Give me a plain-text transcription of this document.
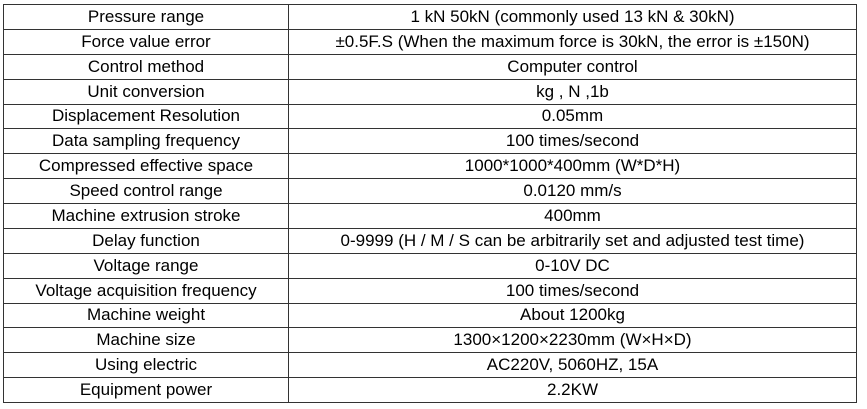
Pressure range	1 kN 50kN (commonly used 13 kN & 30kN)
Force value error	±0.5F.S (When the maximum force is 30kN, the error is ±150N)
Control method	Computer control
Unit conversion	kg , N ,1b
Displacement Resolution	0.05mm
Data sampling frequency	100 times/second
Compressed effective space	1000*1000*400mm (W*D*H)
Speed control range	0.0120 mm/s
Machine extrusion stroke	400mm
Delay function	0-9999 (H / M / S can be arbitrarily set and adjusted test time)
Voltage range	0-10V DC
Voltage acquisition frequency	100 times/second
Machine weight	About 1200kg
Machine size	1300×1200×2230mm (W×H×D)
Using electric	AC220V, 5060HZ, 15A
Equipment power	2.2KW
